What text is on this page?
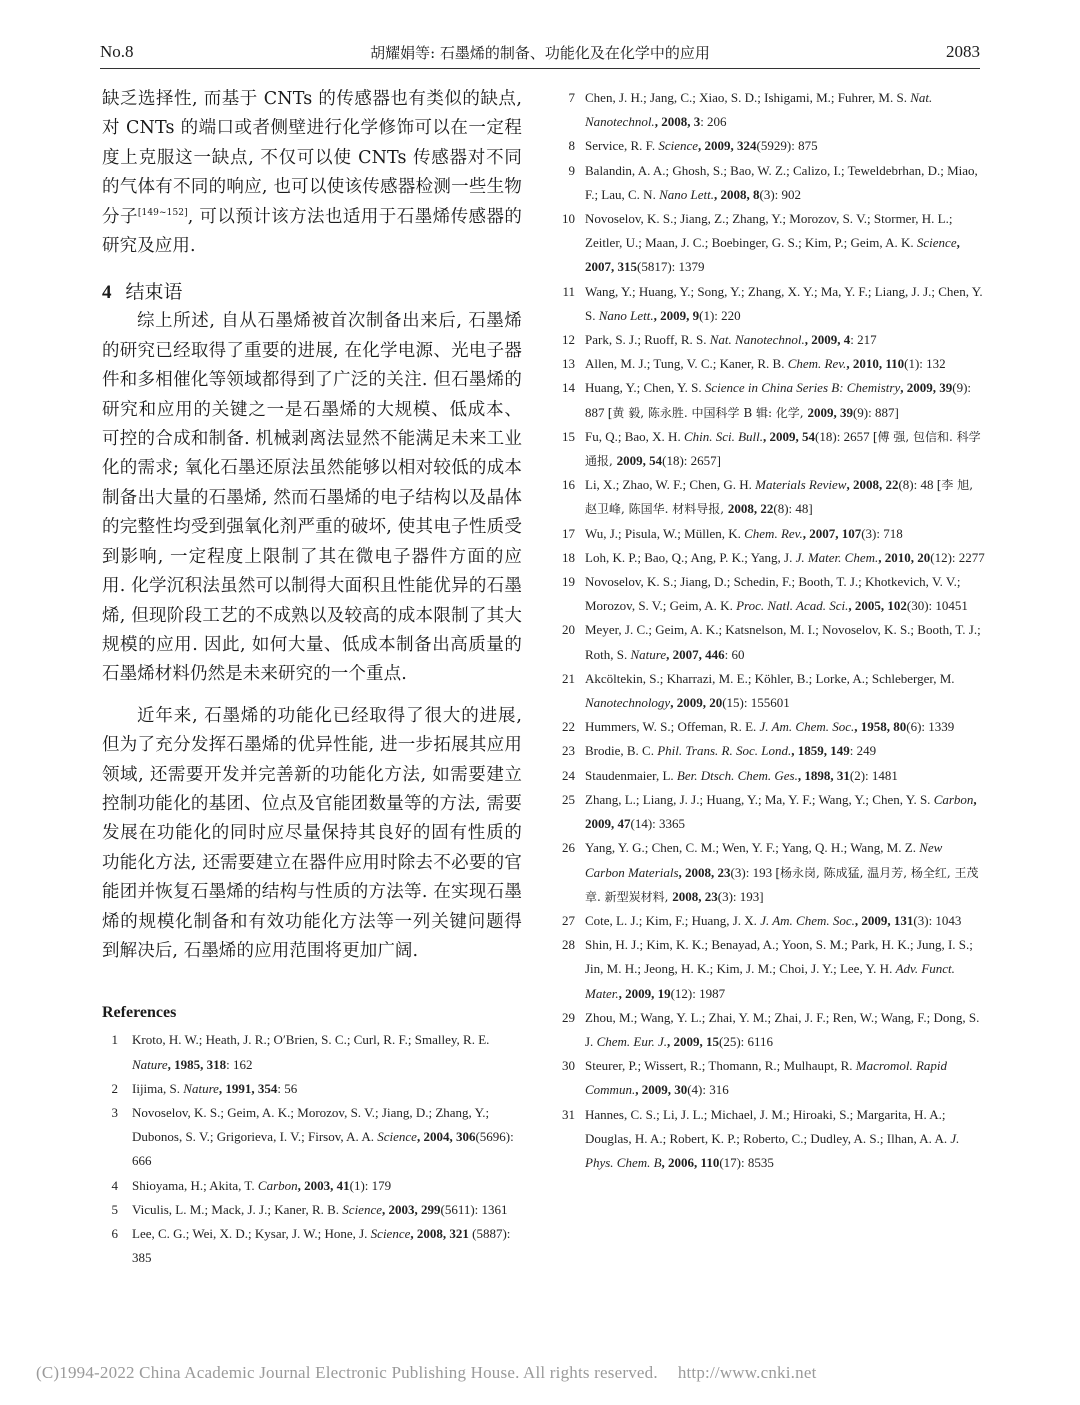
No.8	胡耀娟等: 石墨烯的制备、功能化及在化学中的应用	2083

缺乏选择性, 而基于 CNTs 的传感器也有类似的缺点, 对 CNTs 的端口或者侧壁进行化学修饰可以在一定程度上克服这一缺点, 不仅可以使 CNTs 传感器对不同的气体有不同的响应, 也可以使该传感器检测一些生物分子[149~152], 可以预计该方法也适用于石墨烯传感器的研究及应用.

4 结束语

综上所述, 自从石墨烯被首次制备出来后, 石墨烯的研究已经取得了重要的进展, 在化学电源、光电子器件和多相催化等领域都得到了广泛的关注. 但石墨烯的研究和应用的关键之一是石墨烯的大规模、低成本、可控的合成和制备. 机械剥离法显然不能满足未来工业化的需求; 氧化石墨还原法虽然能够以相对较低的成本制备出大量的石墨烯, 然而石墨烯的电子结构以及晶体的完整性均受到强氧化剂严重的破坏, 使其电子性质受到影响, 一定程度上限制了其在微电子器件方面的应用. 化学沉积法虽然可以制得大面积且性能优异的石墨烯, 但现阶段工艺的不成熟以及较高的成本限制了其大规模的应用. 因此, 如何大量、低成本制备出高质量的石墨烯材料仍然是未来研究的一个重点.

近年来, 石墨烯的功能化已经取得了很大的进展, 但为了充分发挥石墨烯的优异性能, 进一步拓展其应用领域, 还需要开发并完善新的功能化方法, 如需要建立控制功能化的基团、位点及官能团数量等的方法, 需要发展在功能化的同时应尽量保持其良好的固有性质的功能化方法, 还需要建立在器件应用时除去不必要的官能团并恢复石墨烯的结构与性质的方法等. 在实现石墨烯的规模化制备和有效功能化方法等一列关键问题得到解决后, 石墨烯的应用范围将更加广阔.

References
1 Kroto, H. W.; Heath, J. R.; O′Brien, S. C.; Curl, R. F.; Smalley, R. E. Nature, 1985, 318: 162
2 Iijima, S. Nature, 1991, 354: 56
3 Novoselov, K. S.; Geim, A. K.; Morozov, S. V.; Jiang, D.; Zhang, Y.; Dubonos, S. V.; Grigorieva, I. V.; Firsov, A. A. Science, 2004, 306(5696): 666
4 Shioyama, H.; Akita, T. Carbon, 2003, 41(1): 179
5 Viculis, L. M.; Mack, J. J.; Kaner, R. B. Science, 2003, 299(5611): 1361
6 Lee, C. G.; Wei, X. D.; Kysar, J. W.; Hone, J. Science, 2008, 321 (5887): 385
7 Chen, J. H.; Jang, C.; Xiao, S. D.; Ishigami, M.; Fuhrer, M. S. Nat. Nanotechnol., 2008, 3: 206
8 Service, R. F. Science, 2009, 324(5929): 875
9 Balandin, A. A.; Ghosh, S.; Bao, W. Z.; Calizo, I.; Teweldebrhan, D.; Miao, F.; Lau, C. N. Nano Lett., 2008, 8(3): 902
10 Novoselov, K. S.; Jiang, Z.; Zhang, Y.; Morozov, S. V.; Stormer, H. L.; Zeitler, U.; Maan, J. C.; Boebinger, G. S.; Kim, P.; Geim, A. K. Science, 2007, 315(5817): 1379
11 Wang, Y.; Huang, Y.; Song, Y.; Zhang, X. Y.; Ma, Y. F.; Liang, J. J.; Chen, Y. S. Nano Lett., 2009, 9(1): 220
12 Park, S. J.; Ruoff, R. S. Nat. Nanotechnol., 2009, 4: 217
13 Allen, M. J.; Tung, V. C.; Kaner, R. B. Chem. Rev., 2010, 110(1): 132
14 Huang, Y.; Chen, Y. S. Science in China Series B: Chemistry, 2009, 39(9): 887 [黄 毅, 陈永胜. 中国科学 B 辑: 化学, 2009, 39(9): 887]
15 Fu, Q.; Bao, X. H. Chin. Sci. Bull., 2009, 54(18): 2657 [傅 强, 包信和. 科学通报, 2009, 54(18): 2657]
16 Li, X.; Zhao, W. F.; Chen, G. H. Materials Review, 2008, 22(8): 48 [李 旭, 赵卫峰, 陈国华. 材料导报, 2008, 22(8): 48]
17 Wu, J.; Pisula, W.; Müllen, K. Chem. Rev., 2007, 107(3): 718
18 Loh, K. P.; Bao, Q.; Ang, P. K.; Yang, J. J. Mater. Chem., 2010, 20(12): 2277
19 Novoselov, K. S.; Jiang, D.; Schedin, F.; Booth, T. J.; Khotkevich, V. V.; Morozov, S. V.; Geim, A. K. Proc. Natl. Acad. Sci., 2005, 102(30): 10451
20 Meyer, J. C.; Geim, A. K.; Katsnelson, M. I.; Novoselov, K. S.; Booth, T. J.; Roth, S. Nature, 2007, 446: 60
21 Akcöltekin, S.; Kharrazi, M. E.; Köhler, B.; Lorke, A.; Schleberger, M. Nanotechnology, 2009, 20(15): 155601
22 Hummers, W. S.; Offeman, R. E. J. Am. Chem. Soc., 1958, 80(6): 1339
23 Brodie, B. C. Phil. Trans. R. Soc. Lond., 1859, 149: 249
24 Staudenmaier, L. Ber. Dtsch. Chem. Ges., 1898, 31(2): 1481
25 Zhang, L.; Liang, J. J.; Huang, Y.; Ma, Y. F.; Wang, Y.; Chen, Y. S. Carbon, 2009, 47(14): 3365
26 Yang, Y. G.; Chen, C. M.; Wen, Y. F.; Yang, Q. H.; Wang, M. Z. New Carbon Materials, 2008, 23(3): 193 [杨永岗, 陈成猛, 温月芳, 杨全红, 王茂章. 新型炭材料, 2008, 23(3): 193]
27 Cote, L. J.; Kim, F.; Huang, J. X. J. Am. Chem. Soc., 2009, 131(3): 1043
28 Shin, H. J.; Kim, K. K.; Benayad, A.; Yoon, S. M.; Park, H. K.; Jung, I. S.; Jin, M. H.; Jeong, H. K.; Kim, J. M.; Choi, J. Y.; Lee, Y. H. Adv. Funct. Mater., 2009, 19(12): 1987
29 Zhou, M.; Wang, Y. L.; Zhai, Y. M.; Zhai, J. F.; Ren, W.; Wang, F.; Dong, S. J. Chem. Eur. J., 2009, 15(25): 6116
30 Steurer, P.; Wissert, R.; Thomann, R.; Mulhaupt, R. Macromol. Rapid Commun., 2009, 30(4): 316
31 Hannes, C. S.; Li, J. L.; Michael, J. M.; Hiroaki, S.; Margarita, H. A.; Douglas, H. A.; Robert, K. P.; Roberto, C.; Dudley, A. S.; Ilhan, A. A. J. Phys. Chem. B, 2006, 110(17): 8535
(C)1994-2022 China Academic Journal Electronic Publishing House. All rights reserved. http://www.cnki.net
